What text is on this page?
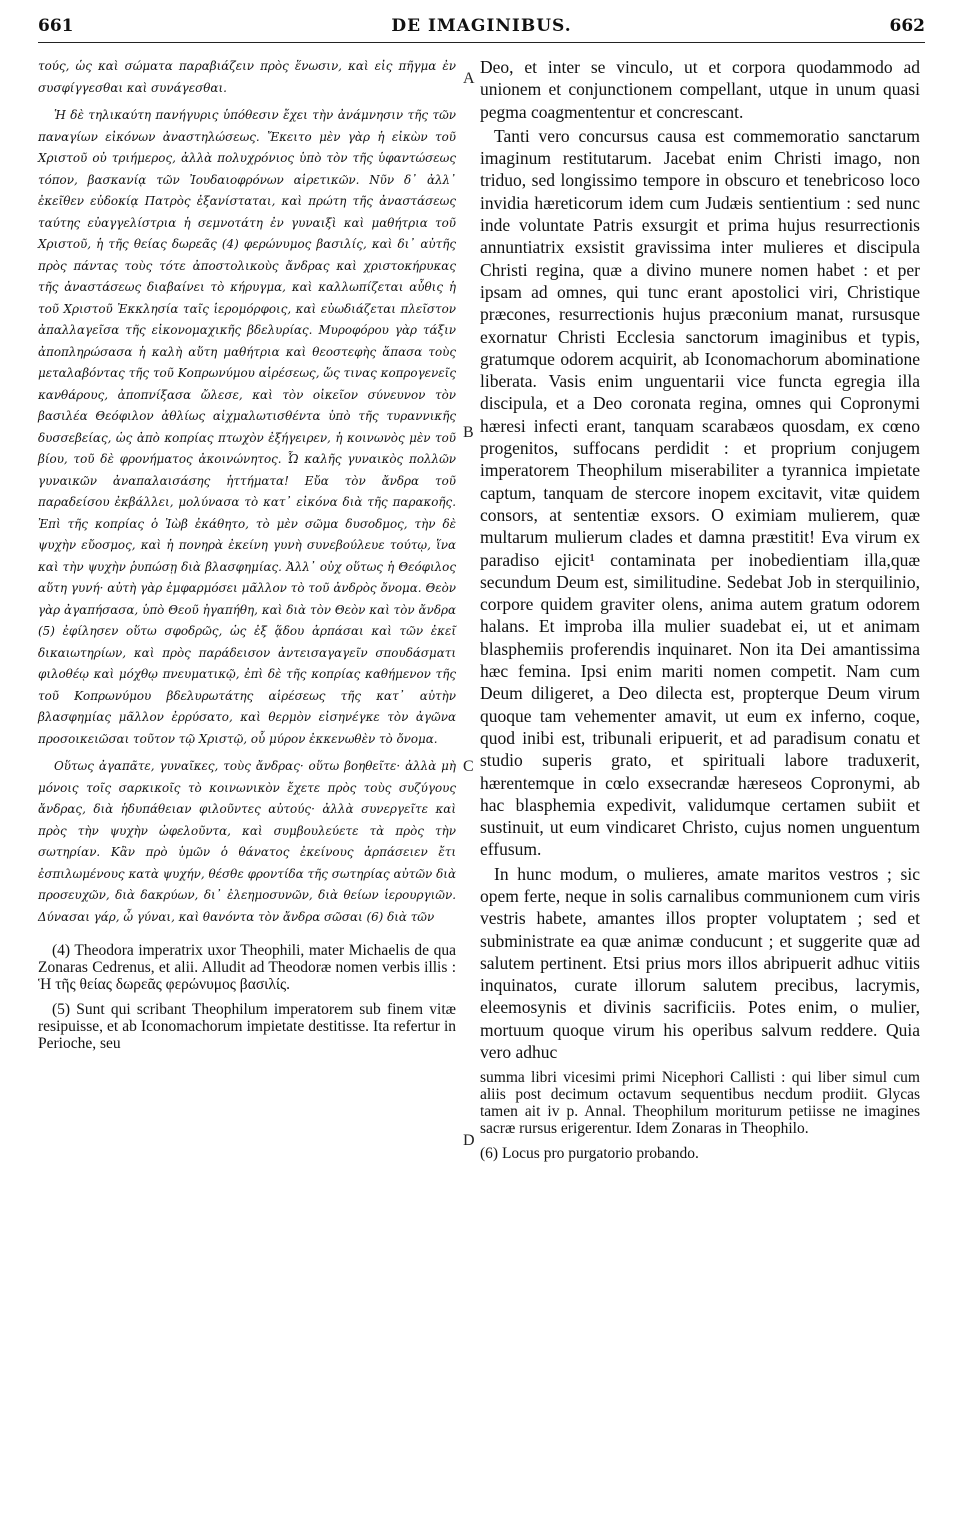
661	DE IMAGINIBUS.	662

τούς, ὡς καὶ σώματα παραβιάζειν πρὸς ἕνωσιν, καὶ εἰς πῆγμα ἐν συσφίγγεσθαι καὶ συνάγεσθαι.

Ἡ δὲ τηλικαύτη πανήγυρις ὑπόθεσιν ἔχει τὴν ἀνάμνησιν τῆς τῶν παναγίων εἰκόνων ἀναστηλώσεως. Ἔκειτο μὲν γὰρ ἡ εἰκὼν τοῦ Χριστοῦ οὐ τριήμερος, ἀλλὰ πολυχρόνιος ὑπὸ τὸν τῆς ὑφαντώσεως τόπον, βασκανίᾳ τῶν Ἰουδαιοφρόνων αἱρετικῶν. Νῦν δ᾽ ἀλλ᾽ ἐκεῖθεν εὐδοκίᾳ Πατρὸς ἐξανίσταται, καὶ πρώτη τῆς ἀναστάσεως ταύτης εὐαγγελίστρια ἡ σεμνοτάτη ἐν γυναιξὶ καὶ μαθήτρια τοῦ Χριστοῦ, ἡ τῆς θείας δωρεᾶς (4) φερώνυμος βασιλίς, καὶ δι᾽ αὐτῆς πρὸς πάντας τοὺς τότε ἀποστολικοὺς ἄνδρας καὶ χριστοκήρυκας τῆς ἀναστάσεως διαβαίνει τὸ κήρυγμα, καὶ καλλωπίζεται αὖθις ἡ τοῦ Χριστοῦ Ἐκκλησία ταῖς ἱερομόρφοις, καὶ εὐωδιάζεται πλεῖστον ἀπαλλαγεῖσα τῆς εἰκονομαχικῆς βδελυρίας. Μυροφόρου γὰρ τάξιν ἀποπληρώσασα ἡ καλὴ αὕτη μαθήτρια καὶ θεοστεφὴς ἅπασα τοὺς μεταλαβόντας τῆς τοῦ Κοπρωνύμου αἱρέσεως, ὥς τινας κοπρογενεῖς κανθάρους, ἀποπνίξασα ὤλεσε, καὶ τὸν οἰκεῖον σύνευνον τὸν βασιλέα Θεόφιλον ἀθλίως αἰχμαλωτισθέντα ὑπὸ τῆς τυραννικῆς δυσσεβείας, ὡς ἀπὸ κοπρίας πτωχὸν ἐξήγειρεν, ἡ κοινωνὸς μὲν τοῦ βίου, τοῦ δὲ φρονήματος ἀκοινώνητος. Ὦ καλῆς γυναικὸς πολλῶν γυναικῶν ἀναπαλαισάσης ἡττήματα! Εὔα τὸν ἄνδρα τοῦ παραδείσου ἐκβάλλει, μολύνασα τὸ κατ᾽ εἰκόνα διὰ τῆς παρακοῆς. Ἐπὶ τῆς κοπρίας ὁ Ἰὼβ ἐκάθητο, τὸ μὲν σῶμα δυσοδμος, τὴν δὲ ψυχὴν εὔοσμος, καὶ ἡ πονηρὰ ἐκείνη γυνὴ συνεβούλευε τούτῳ, ἵνα καὶ τὴν ψυχὴν ῥυπώσῃ διὰ βλασφημίας. Ἀλλ᾽ οὐχ οὕτως ἡ Θεόφιλος αὕτη γυνή· αὐτὴ γὰρ ἐμφαρμόσει μᾶλλον τὸ τοῦ ἀνδρὸς ὄνομα. Θεὸν γὰρ ἀγαπήσασα, ὑπὸ Θεοῦ ἠγαπήθη, καὶ διὰ τὸν Θεὸν καὶ τὸν ἄνδρα (5) ἐφίλησεν οὕτω σφοδρῶς, ὡς ἐξ ᾅδου ἁρπάσαι καὶ τῶν ἐκεῖ δικαιωτηρίων, καὶ πρὸς παράδεισον ἀντεισαγαγεῖν σπουδάσματι φιλοθέῳ καὶ μόχθῳ πνευματικῷ, ἐπὶ δὲ τῆς κοπρίας καθήμενον τῆς τοῦ Κοπρωνύμου βδελυρωτάτης αἱρέσεως τῆς κατ᾽ αὐτὴν βλασφημίας μᾶλλον ἐρρύσατο, καὶ θερμὸν εἰσηνέγκε τὸν ἀγῶνα προσοικειῶσαι τοῦτον τῷ Χριστῷ, οὗ μύρον ἐκκενωθὲν τὸ ὄνομα.

Οὕτως ἀγαπᾶτε, γυναῖκες, τοὺς ἄνδρας· οὕτω βοηθεῖτε· ἀλλὰ μὴ μόνοις τοῖς σαρκικοῖς τὸ κοινωνικὸν ἔχετε πρὸς τοὺς συζύγους ἄνδρας, διὰ ἡδυπάθειαν φιλοῦντες αὐτούς· ἀλλὰ συνεργεῖτε καὶ πρὸς τὴν ψυχὴν ὠφελοῦντα, καὶ συμβουλεύετε τὰ πρὸς τὴν σωτηρίαν. Κἂν πρὸ ὑμῶν ὁ θάνατος ἐκείνους ἁρπάσειεν ἔτι ἐσπιλωμένους κατὰ ψυχήν, θέσθε φροντίδα τῆς σωτηρίας αὐτῶν διὰ προσευχῶν, διὰ δακρύων, δι᾽ ἐλεημοσυνῶν, διὰ θείων ἱερουργιῶν. Δύνασαι γάρ, ὦ γύναι, καὶ θανόντα τὸν ἄνδρα σῶσαι (6) διὰ τῶν

(4) Theodora imperatrix uxor Theophili, mater Michaelis de qua Zonaras Cedrenus, et alii. Alludit ad Theodoræ nomen verbis illis : Ἡ τῆς θείας δωρεᾶς φερώνυμος βασιλίς.

(5) Sunt qui scribant Theophilum imperatorem sub finem vitæ resipuisse, et ab Iconomachorum impietate destitisse. Ita refertur in Perioche, seu

A
B
C
D

Deo, et inter se vinculo, ut et corpora quodammodo ad unionem et conjunctionem compellant, utque in unum quasi pegma coagmententur et concrescant.

Tanti vero concursus causa est commemoratio sanctarum imaginum restitutarum. Jacebat enim Christi imago, non triduo, sed longissimo tempore in obscuro et tenebricoso loco invidia hæreticorum idem cum Judæis sentientium : sed nunc inde voluntate Patris exsurgit et prima hujus resurrectionis annuntiatrix exsistit gravissima inter mulieres et discipula Christi regina, quæ a divino munere nomen habet : et per ipsam ad omnes, qui tunc erant apostolici viri, Christique præcones, resurrectionis hujus præconium manat, rursusque exornatur Christi Ecclesia sanctorum imaginibus et typis, gratumque odorem acquirit, ab Iconomachorum abominatione liberata. Vasis enim unguentarii vice functa egregia illa discipula, et a Deo coronata regina, omnes qui Copronymi hæresi infecti erant, tanquam scarabæos quosdam, ex cœno progenitos, suffocans perdidit : et proprium conjugem imperatorem Theophilum miserabiliter a tyrannica impietate captum, tanquam de stercore inopem excitavit, vitæ quidem consors, at sententiæ exsors. O eximiam mulierem, quæ multarum mulierum clades et damna præstitit! Eva virum ex paradiso ejicit¹ contaminata per inobedientiam illa,quæ secundum Deum est, similitudine. Sedebat Job in sterquilinio, corpore quidem graviter olens, anima autem gratum odorem halans. Et improba illa mulier suadebat ei, ut et animam blasphemiis proferendis inquinaret. Non ita Dei amantissima hæc femina. Ipsi enim mariti nomen competit. Nam cum Deum diligeret, a Deo dilecta est, propterque Deum virum quoque tam vehementer amavit, ut eum ex inferno, coque, quod inibi est, tribunali eripuerit, et ad paradisum conatu et studio superis grato, et spirituali labore traduxerit, hærentemque in cœlo exsecrandæ hæreseos Copronymi, ab hac blasphemia expedivit, validumque certamen subiit et sustinuit, ut eum vindicaret Christo, cujus nomen unguentum effusum.

In hunc modum, o mulieres, amate maritos vestros ; sic opem ferte, neque in solis carnalibus communionem cum viris vestris habete, amantes illos propter voluptatem ; sed et subministrate ea quæ animæ conducunt ; et suggerite quæ ad salutem pertinent. Etsi prius mors illos abripuerit adhuc vitiis inquinatos, curate illorum salutem precibus, lacrymis, eleemosynis et divinis sacrificiis. Potes enim, o mulier, mortuum quoque virum his operibus salvum reddere. Quia vero adhuc

summa libri vicesimi primi Nicephori Callisti : qui liber simul cum aliis post decimum octavum sequentibus necdum prodiit. Glycas tamen ait iv p. Annal. Theophilum moriturum petiisse ne imagines sacræ rursus erigerentur. Idem Zonaras in Theophilo.

(6) Locus pro purgatorio probando.
